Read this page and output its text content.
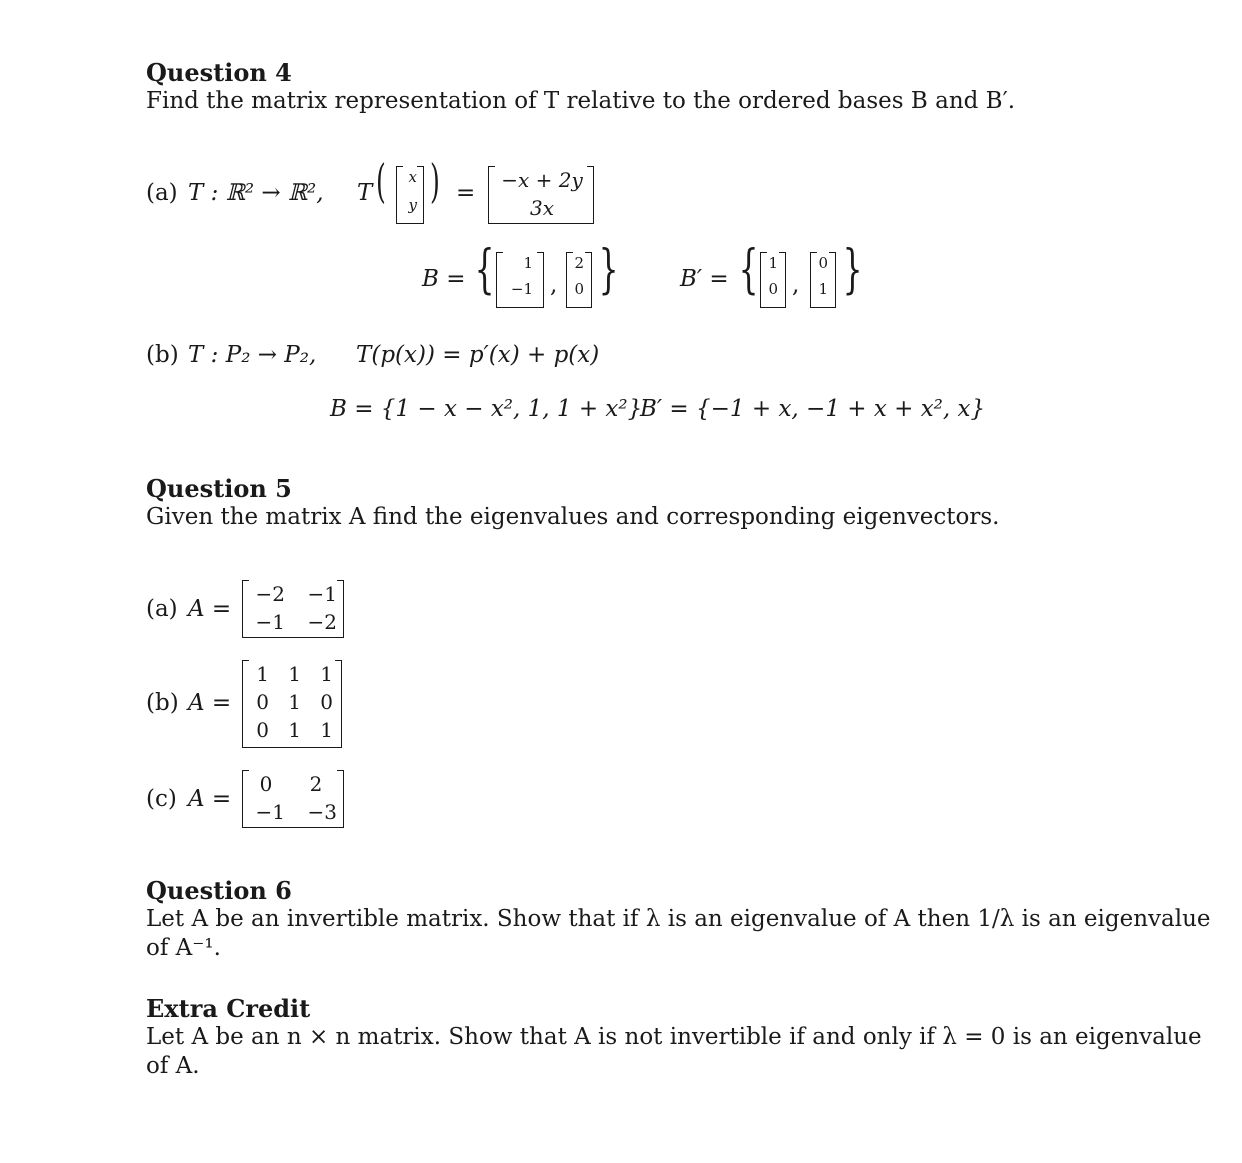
Question 4
Find the matrix representation of T relative to the ordered bases B and B′.
(a) T : ℝ² → ℝ², T ( x
y ) = −x + 2y
3x
B = {	1
−1 ,
2
0 }	B′ = { 1
0 ,
0
1 }
(b) T : P₂ → P₂, T(p(x)) = p′(x) + p(x)
B = {1 − x − x², 1, 1 + x²}
B′ = {−1 + x, −1 + x + x², x}
Question 5
Given the matrix A find the eigenvalues and corresponding eigenvectors.
(a) A =
−2	−1
−1	−2
(b) A =
1 1 1
0 1 0
0 1 1
(c) A =
0	2
−1	−3
Question 6
Let A be an invertible matrix. Show that if λ is an eigenvalue of A then 1/λ is an eigenvalue
of A⁻¹.
Extra Credit
Let A be an n × n matrix. Show that A is not invertible if and only if λ = 0 is an eigenvalue
of A.
